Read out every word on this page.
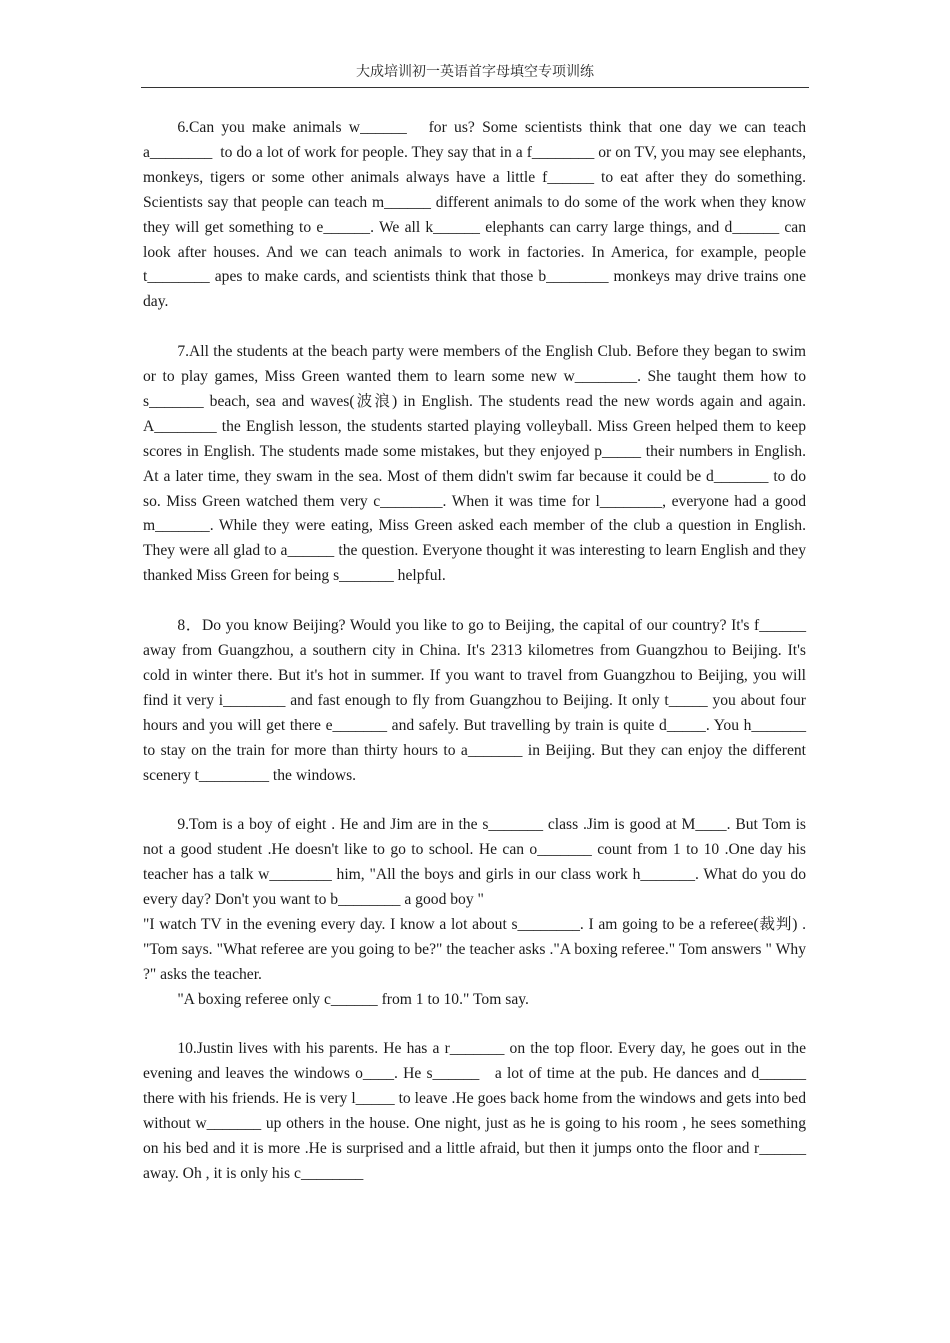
大成培训初一英语首字母填空专项训练

6.Can you make animals w______   for us? Some scientists think that one day we can teach a________  to do a lot of work for people. They say that in a f________ or on TV, you may see elephants, monkeys, tigers or some other animals always have a little f______ to eat after they do something. Scientists say that people can teach m______ different animals to do some of the work when they know they will get something to e______. We all k______ elephants can carry large things, and d______ can look after houses. And we can teach animals to work in factories. In America, for example, people t________ apes to make cards, and scientists think that those b________ monkeys may drive trains one day.

7.All the students at the beach party were members of the English Club. Before they began to swim or to play games, Miss Green wanted them to learn some new w________. She taught them how to s_______ beach, sea and waves(波浪) in English. The students read the new words again and again. A________ the English lesson, the students started playing volleyball. Miss Green helped them to keep scores in English. The students made some mistakes, but they enjoyed p_____ their numbers in English. At a later time, they swam in the sea. Most of them didn't swim far because it could be d_______ to do so. Miss Green watched them very c________. When it was time for l________, everyone had a good m_______. While they were eating, Miss Green asked each member of the club a question in English. They were all glad to a______ the question. Everyone thought it was interesting to learn English and they thanked Miss Green for being s_______ helpful.

8．Do you know Beijing? Would you like to go to Beijing, the capital of our country? It's f______ away from Guangzhou, a southern city in China. It's 2313 kilometres from Guangzhou to Beijing. It's cold in winter there. But it's hot in summer. If you want to travel from Guangzhou to Beijing, you will find it very i________ and fast enough to fly from Guangzhou to Beijing. It only t_____ you about four hours and you will get there e_______ and safely. But travelling by train is quite d_____. You h_______ to stay on the train for more than thirty hours to a_______ in Beijing. But they can enjoy the different scenery t_________ the windows.

9.Tom is a boy of eight . He and Jim are in the s_______ class .Jim is good at M____. But Tom is not a good student .He doesn't like to go to school. He can o_______ count from 1 to 10 .One day his teacher has a talk w________ him, "All the boys and girls in our class work h_______. What do you do every day? Don't you want to b________ a good boy "

"I watch TV in the evening every day. I know a lot about s________. I am going to be a referee(裁判) . "Tom says. "What referee are you going to be?" the teacher asks ."A boxing referee." Tom answers " Why ?" asks the teacher.

"A boxing referee only c______ from 1 to 10." Tom say.

10.Justin lives with his parents. He has a r_______ on the top floor. Every day, he goes out in the evening and leaves the windows o____. He s______   a lot of time at the pub. He dances and d______ there with his friends. He is very l_____ to leave .He goes back home from the windows and gets into bed without w_______ up others in the house. One night, just as he is going to his room , he sees something on his bed and it is more .He is surprised and a little afraid, but then it jumps onto the floor and r______ away. Oh , it is only his c________
